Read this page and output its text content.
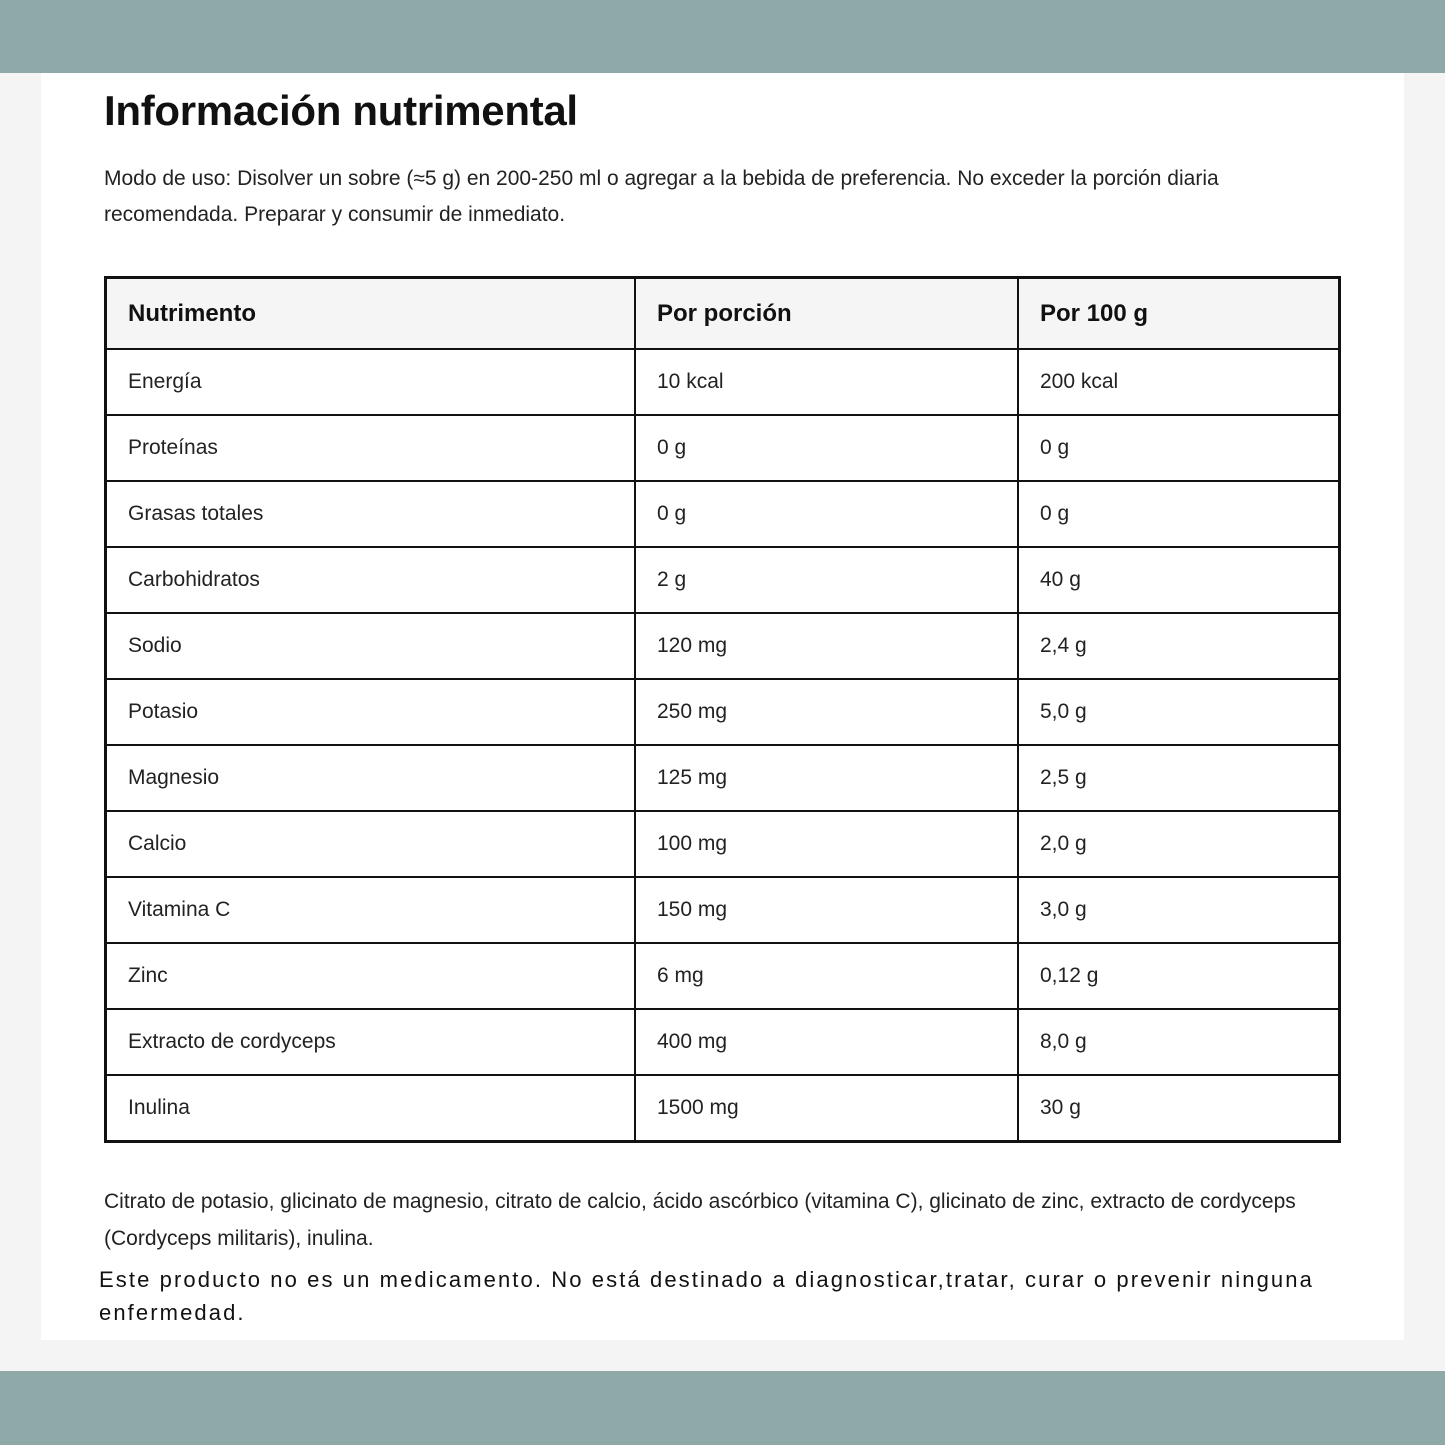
Información nutrimental

Modo de uso: Disolver un sobre (≈5 g) en 200-250 ml o agregar a la bebida de preferencia. No exceder la porción diaria recomendada. Preparar y consumir de inmediato.

Nutrimento	Por porción	Por 100 g
Energía	10 kcal	200 kcal
Proteínas	0 g	0 g
Grasas totales	0 g	0 g
Carbohidratos	2 g	40 g
Sodio	120 mg	2,4 g
Potasio	250 mg	5,0 g
Magnesio	125 mg	2,5 g
Calcio	100 mg	2,0 g
Vitamina C	150 mg	3,0 g
Zinc	6 mg	0,12 g
Extracto de cordyceps	400 mg	8,0 g
Inulina	1500 mg	30 g

Citrato de potasio, glicinato de magnesio, citrato de calcio, ácido ascórbico (vitamina C), glicinato de zinc, extracto de cordyceps (Cordyceps militaris), inulina.

Este producto no es un medicamento. No está destinado a diagnosticar,tratar, curar o prevenir ninguna enfermedad.
